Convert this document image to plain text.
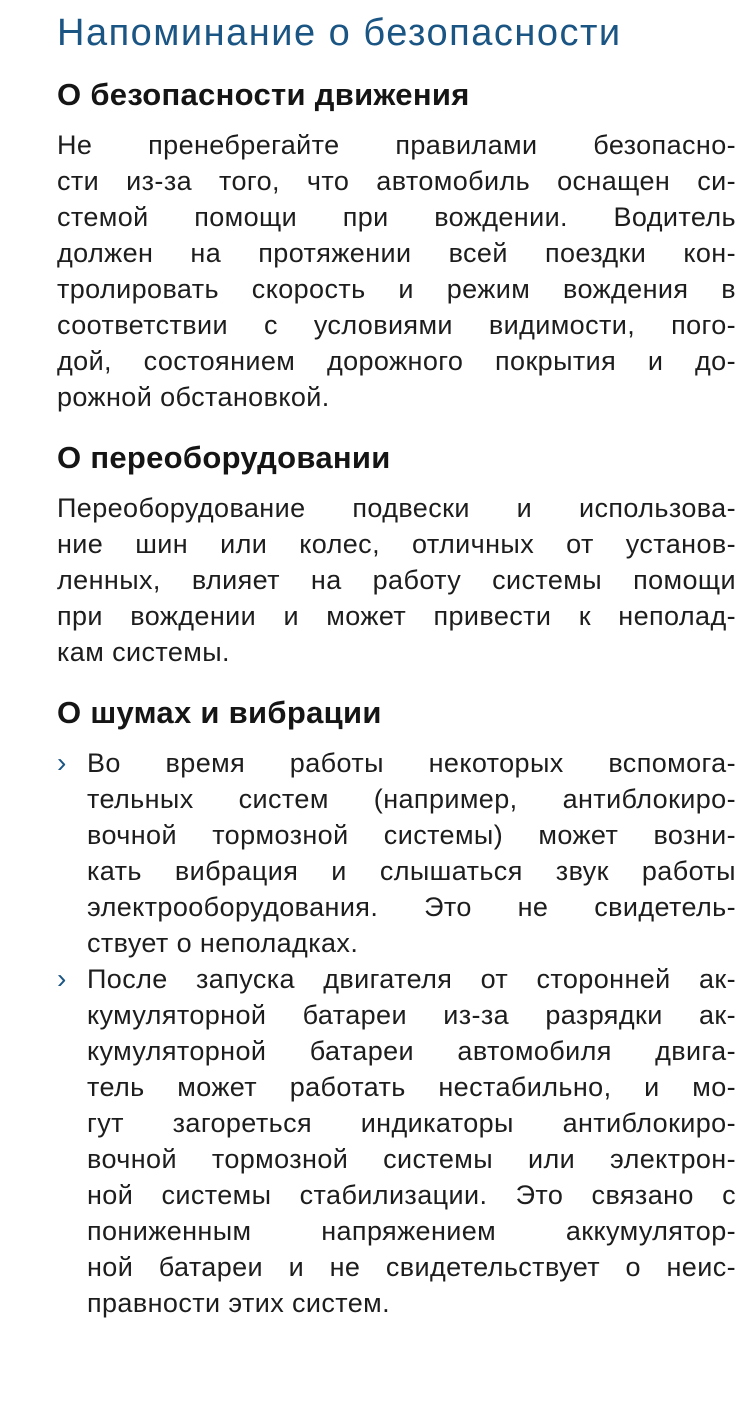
Напоминание о безопасности
О безопасности движения
Не пренебрегайте правилами безопасно-
сти из-за того, что автомобиль оснащен си-
стемой помощи при вождении. Водитель
должен на протяжении всей поездки кон-
тролировать скорость и режим вождения в
соответствии с условиями видимости, пого-
дой, состоянием дорожного покрытия и до-
рожной обстановкой.
О переоборудовании
Переоборудование подвески и использова-
ние шин или колес, отличных от установ-
ленных, влияет на работу системы помощи
при вождении и может привести к неполад-
кам системы.
О шумах и вибрации
› Во время работы некоторых вспомога-
тельных систем (например, антиблокиро-
вочной тормозной системы) может возни-
кать вибрация и слышаться звук работы
электрооборудования. Это не свидетель-
ствует о неполадках.
› После запуска двигателя от сторонней ак-
кумуляторной батареи из-за разрядки ак-
кумуляторной батареи автомобиля двига-
тель может работать нестабильно, и мо-
гут загореться индикаторы антиблокиро-
вочной тормозной системы или электрон-
ной системы стабилизации. Это связано с
пониженным напряжением аккумулятор-
ной батареи и не свидетельствует о неис-
правности этих систем.
